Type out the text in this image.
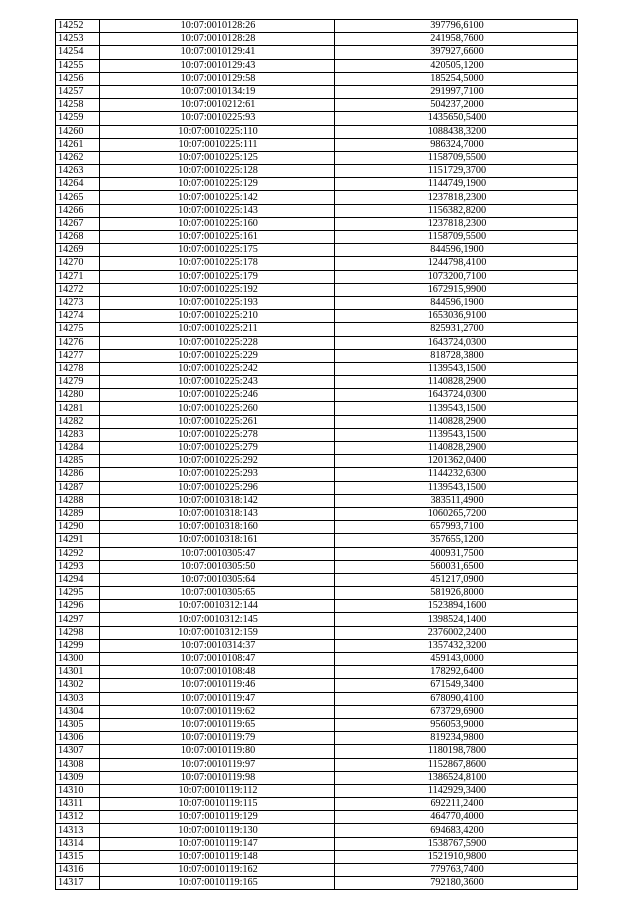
14252	10:07:0010128:26	397796,6100
14253	10:07:0010128:28	241958,7600
14254	10:07:0010129:41	397927,6600
14255	10:07:0010129:43	420505,1200
14256	10:07:0010129:58	185254,5000
14257	10:07:0010134:19	291997,7100
14258	10:07:0010212:61	504237,2000
14259	10:07:0010225:93	1435650,5400
14260	10:07:0010225:110	1088438,3200
14261	10:07:0010225:111	986324,7000
14262	10:07:0010225:125	1158709,5500
14263	10:07:0010225:128	1151729,3700
14264	10:07:0010225:129	1144749,1900
14265	10:07:0010225:142	1237818,2300
14266	10:07:0010225:143	1156382,8200
14267	10:07:0010225:160	1237818,2300
14268	10:07:0010225:161	1158709,5500
14269	10:07:0010225:175	844596,1900
14270	10:07:0010225:178	1244798,4100
14271	10:07:0010225:179	1073200,7100
14272	10:07:0010225:192	1672915,9900
14273	10:07:0010225:193	844596,1900
14274	10:07:0010225:210	1653036,9100
14275	10:07:0010225:211	825931,2700
14276	10:07:0010225:228	1643724,0300
14277	10:07:0010225:229	818728,3800
14278	10:07:0010225:242	1139543,1500
14279	10:07:0010225:243	1140828,2900
14280	10:07:0010225:246	1643724,0300
14281	10:07:0010225:260	1139543,1500
14282	10:07:0010225:261	1140828,2900
14283	10:07:0010225:278	1139543,1500
14284	10:07:0010225:279	1140828,2900
14285	10:07:0010225:292	1201362,0400
14286	10:07:0010225:293	1144232,6300
14287	10:07:0010225:296	1139543,1500
14288	10:07:0010318:142	383511,4900
14289	10:07:0010318:143	1060265,7200
14290	10:07:0010318:160	657993,7100
14291	10:07:0010318:161	357655,1200
14292	10:07:0010305:47	400931,7500
14293	10:07:0010305:50	560031,6500
14294	10:07:0010305:64	451217,0900
14295	10:07:0010305:65	581926,8000
14296	10:07:0010312:144	1523894,1600
14297	10:07:0010312:145	1398524,1400
14298	10:07:0010312:159	2376002,2400
14299	10:07:0010314:37	1357432,3200
14300	10:07:0010108:47	459143,0000
14301	10:07:0010108:48	178292,6400
14302	10:07:0010119:46	671549,3400
14303	10:07:0010119:47	678090,4100
14304	10:07:0010119:62	673729,6900
14305	10:07:0010119:65	956053,9000
14306	10:07:0010119:79	819234,9800
14307	10:07:0010119:80	1180198,7800
14308	10:07:0010119:97	1152867,8600
14309	10:07:0010119:98	1386524,8100
14310	10:07:0010119:112	1142929,3400
14311	10:07:0010119:115	692211,2400
14312	10:07:0010119:129	464770,4000
14313	10:07:0010119:130	694683,4200
14314	10:07:0010119:147	1538767,5900
14315	10:07:0010119:148	1521910,9800
14316	10:07:0010119:162	779763,7400
14317	10:07:0010119:165	792180,3600
